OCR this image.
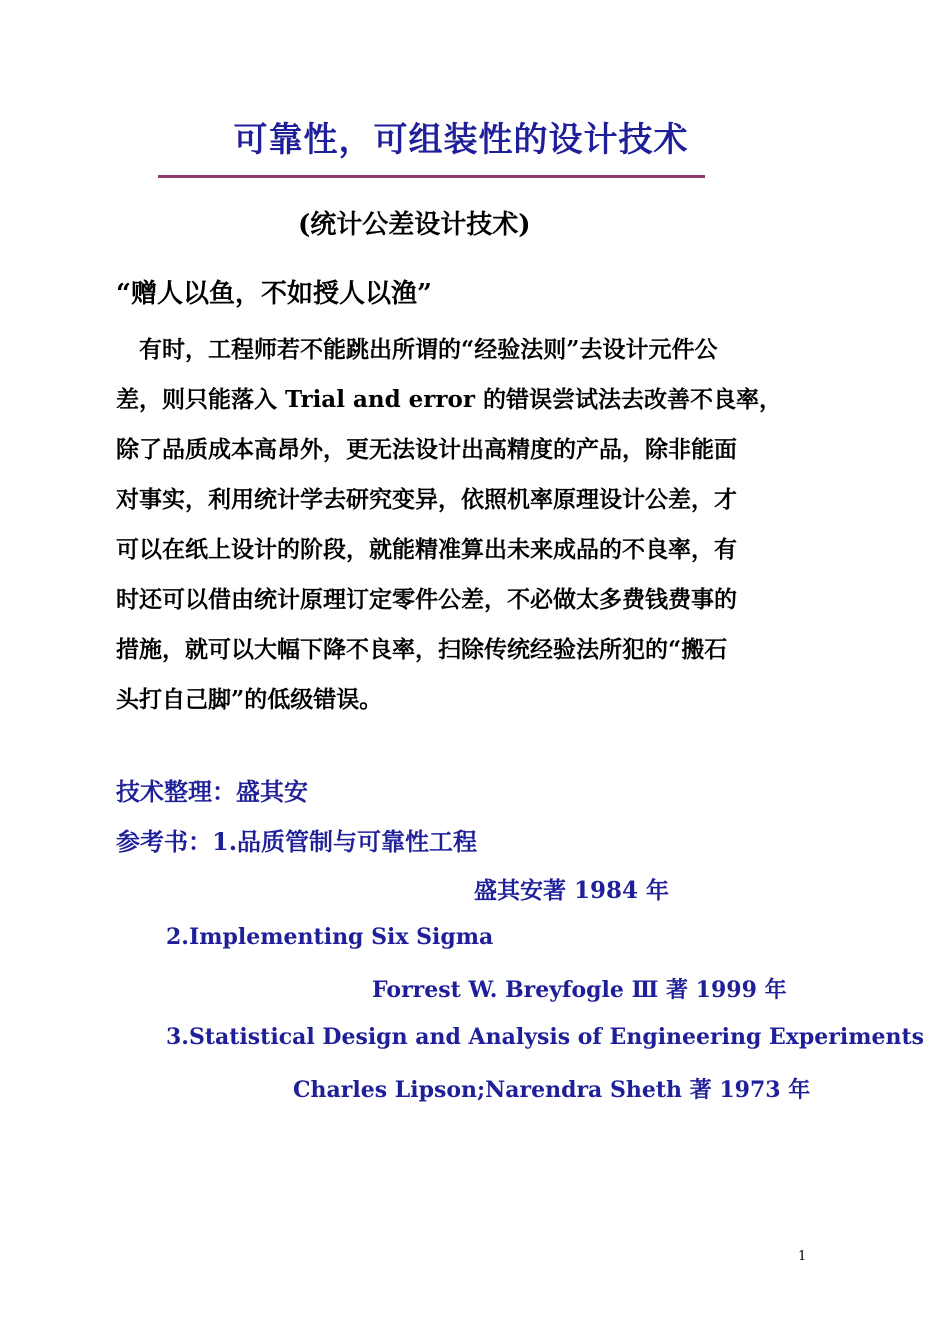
可靠性，可组装性的设计技术
(统计公差设计技术)
“赠人以鱼，不如授人以渔”
　有时，工程师若不能跳出所谓的“经验法则”去设计元件公
差，则只能落入 Trial and error 的错误尝试法去改善不良率，
除了品质成本高昂外，更无法设计出高精度的产品，除非能面
对事实，利用统计学去研究变异，依照机率原理设计公差，才
可以在纸上设计的阶段，就能精准算出未来成品的不良率，有
时还可以借由统计原理订定零件公差，不必做太多费钱费事的
措施，就可以大幅下降不良率，扫除传统经验法所犯的“搬石
头打自己脚”的低级错误。
技术整理：盛其安
参考书：1.品质管制与可靠性工程
盛其安著 1984 年
2.Implementing Six Sigma
Forrest W. Breyfogle Ⅲ 著 1999 年
3.Statistical Design and Analysis of Engineering Experiments
Charles Lipson;Narendra Sheth 著 1973 年
1
